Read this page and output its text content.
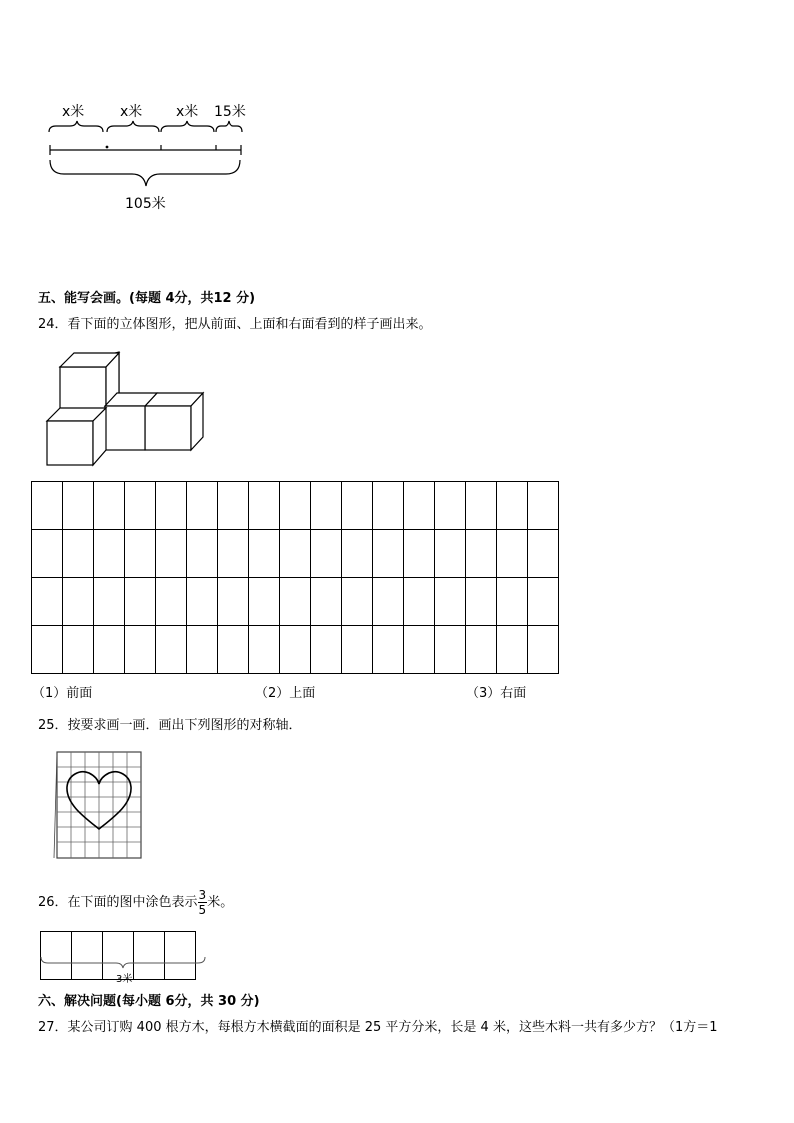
x米	x米 x米 15米
105米
五、能写会画。(每题 4分，共12 分)
24．看下面的立体图形，把从前面、上面和右面看到的样子画出来。

（1）前面	（2）上面	（3）右面
25．按要求画一画．画出下列图形的对称轴．
26．在下面的图中涂色表示 $\frac{3}{5}$ 米。

3米
六、解决问题(每小题 6分，共 30 分)
27．某公司订购 400 根方木，每根方木横截面的面积是 25 平方分米，长是 4 米，这些木料一共有多少方？（1方＝1
